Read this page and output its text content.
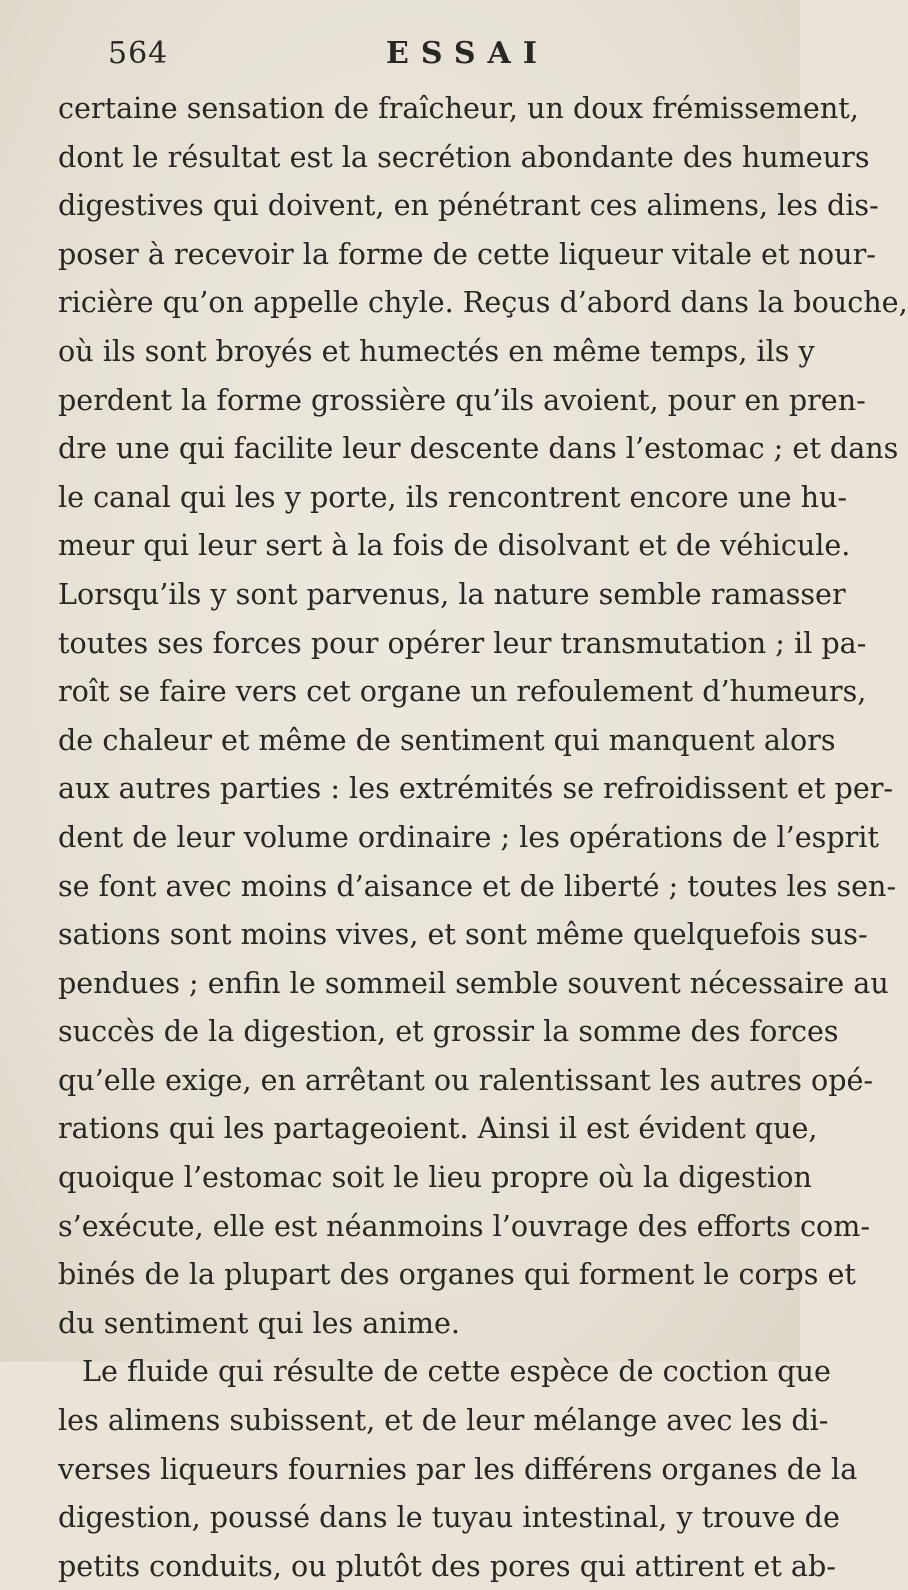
564	ESSAI
certaine sensation de fraîcheur, un doux frémissement,
dont le résultat est la secrétion abondante des humeurs
digestives qui doivent, en pénétrant ces alimens, les dis-
poser à recevoir la forme de cette liqueur vitale et nour-
ricière qu’on appelle chyle. Reçus d’abord dans la bouche,
où ils sont broyés et humectés en même temps, ils y
perdent la forme grossière qu’ils avoient, pour en pren-
dre une qui facilite leur descente dans l’estomac ; et dans
le canal qui les y porte, ils rencontrent encore une hu-
meur qui leur sert à la fois de disolvant et de véhicule.
Lorsqu’ils y sont parvenus, la nature semble ramasser
toutes ses forces pour opérer leur transmutation ; il pa-
roît se faire vers cet organe un refoulement d’humeurs,
de chaleur et même de sentiment qui manquent alors
aux autres parties : les extrémités se refroidissent et per-
dent de leur volume ordinaire ; les opérations de l’esprit
se font avec moins d’aisance et de liberté ; toutes les sen-
sations sont moins vives, et sont même quelquefois sus-
pendues ; enfin le sommeil semble souvent nécessaire au
succès de la digestion, et grossir la somme des forces
qu’elle exige, en arrêtant ou ralentissant les autres opé-
rations qui les partageoient. Ainsi il est évident que,
quoique l’estomac soit le lieu propre où la digestion
s’exécute, elle est néanmoins l’ouvrage des efforts com-
binés de la plupart des organes qui forment le corps et
du sentiment qui les anime.
Le fluide qui résulte de cette espèce de coction que
les alimens subissent, et de leur mélange avec les di-
verses liqueurs fournies par les différens organes de la
digestion, poussé dans le tuyau intestinal, y trouve de
petits conduits, ou plutôt des pores qui attirent et ab-
